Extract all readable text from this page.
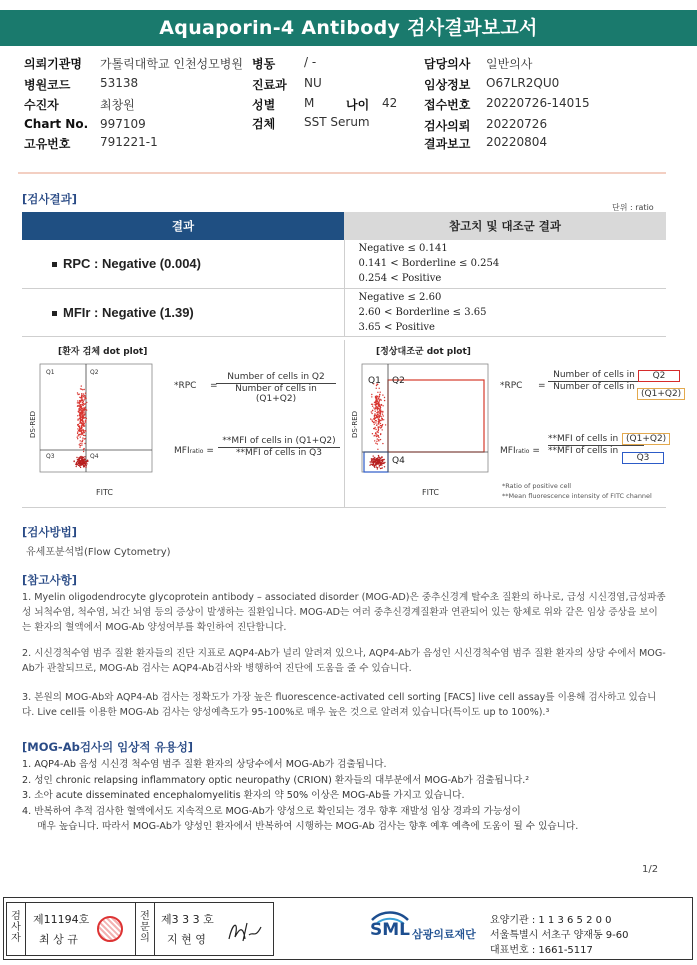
Aquaporin-4 Antibody 검사결과보고서
의뢰기관명 가톨릭대학교 인천성모병원 병동 / -	담당의사 일반의사
병원코드 53138	진료과 NU	임상정보 O67LR2QU0
수진자	최창원	성별 M	나이 42 접수번호 20220726-14015
Chart No. 997109	검체 SST Serum	검사의뢰 20220726
고유번호 791221-1	결과보고 20220804
[검사결과]
단위 : ratio
결과	참고치 및 대조군 결과

RPC : Negative (0.004)	Negative ≤ 0.141
0.141 < Borderline ≤ 0.254
0.254 < Positive

MFIr : Negative (1.39)	Negative ≤ 2.60
2.60 < Borderline ≤ 3.65
3.65 < Positive
[환자 검체 dot plot]
Q1	Q2
Q3	Q4
FITC
DS-RED
*RPC =
Number of cells in Q2
Number of cells in (Q1+Q2)
MFIratio =
**MFI of cells in (Q1+Q2)
**MFI of cells in Q3
[정상대조군 dot plot]
Q1 Q2
Q4
FITC
DS-RED
*RPC =
Number of cells in
Number of cells in
Q2
(Q1+Q2)
MFIratio =
**MFI of cells in
**MFI of cells in
(Q1+Q2)
Q3
*Ratio of positive cell
**Mean fluorescence intensity of FITC channel
[검사방법]
유세포분석법(Flow Cytometry)
[참고사항]
1. Myelin oligodendrocyte glycoprotein antibody – associated disorder (MOG-AD)은 중추신경계 탈수초 질환의 하나로, 급성 시신경염,급성파종성 뇌척수염, 척수염, 뇌간 뇌염 등의 증상이 발생하는 질환입니다. MOG-AD는 여러 중추신경계질환과 연관되어 있는 항체로 위와 같은 임상 증상을 보이는 환자의 혈액에서 MOG-Ab 양성여부를 확인하여 진단합니다.
2. 시신경척수염 범주 질환 환자들의 진단 지표로 AQP4-Ab가 널리 알려져 있으나, AQP4-Ab가 음성인 시신경척수염 범주 질환 환자의 상당 수에서 MOG-Ab가 관찰되므로, MOG-Ab 검사는 AQP4-Ab검사와 병행하여 진단에 도움을 줄 수 있습니다.
3. 본원의 MOG-Ab와 AQP4-Ab 검사는 정확도가 가장 높은 fluorescence-activated cell sorting [FACS] live cell assay를 이용해 검사하고 있습니다. Live cell를 이용한 MOG-Ab 검사는 양성예측도가 95-100%로 매우 높은 것으로 알려져 있습니다(특이도 up to 100%).³
[MOG-Ab검사의 임상적 유용성]
1. AQP4-Ab 음성 시신경 척수염 범주 질환 환자의 상당수에서 MOG-Ab가 검출됩니다.
2. 성인 chronic relapsing inflammatory optic neuropathy (CRION) 환자들의 대부분에서 MOG-Ab가 검출됩니다.²
3. 소아 acute disseminated encephalomyelitis 환자의 약 50% 이상은 MOG-Ab를 가지고 있습니다.
4. 반복하여 추적 검사한 혈액에서도 지속적으로 MOG-Ab가 양성으로 확인되는 경우 향후 재발성 임상 경과의 가능성이
매우 높습니다. 따라서 MOG-Ab가 양성인 환자에서 반복하여 시행하는 MOG-Ab 검사는 향후 예후 예측에 도움이 될 수 있습니다.
1/2
검
사
자
제11194호
최 상 규
전
문
의
제3 3 3 호
지 현 영	SML 삼광의료재단
요양기관 : 1 1 3 6 5 2 0 0
서울특별시 서초구 양재동 9-60
대표번호 : 1661-5117
